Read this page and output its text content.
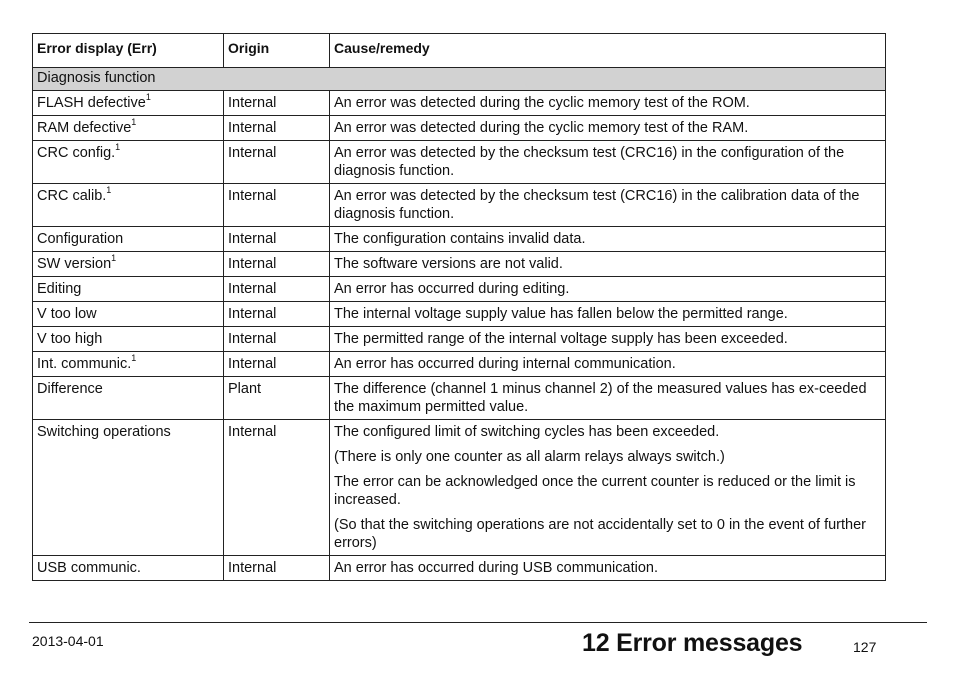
Error display (Err)	Origin	Cause/remedy
Diagnosis function		
FLASH defective$^1$	Internal	An error was detected during the cyclic memory test of the ROM.

RAM defective$^1$	Internal	An error was detected during the cyclic memory test of the RAM.

CRC config.$^1$	Internal	An error was detected by the checksum test (CRC16) in the configuration of the diagnosis function.

CRC calib.$^1$	Internal	An error was detected by the checksum test (CRC16) in the calibration data of the diagnosis function.

Configuration	Internal	The configuration contains invalid data.

SW version$^1$	Internal	The software versions are not valid.

Editing	Internal	An error has occurred during editing.

V too low	Internal	The internal voltage supply value has fallen below the permitted range.

V too high	Internal	The permitted range of the internal voltage supply has been exceeded.

Int. communic.$^1$	Internal	An error has occurred during internal communication.

Difference	Plant	The difference (channel 1 minus channel 2) of the measured values has ex-ceeded the maximum permitted value.

Switching operations	Internal	The configured limit of switching cycles has been exceeded.

(There is only one counter as all alarm relays always switch.)

The error can be acknowledged once the current counter is reduced or the limit is increased.

(So that the switching operations are not accidentally set to 0 in the event of further errors)

USB communic.	Internal	An error has occurred during USB communication.

2013-04-01	12 Error messages	127
